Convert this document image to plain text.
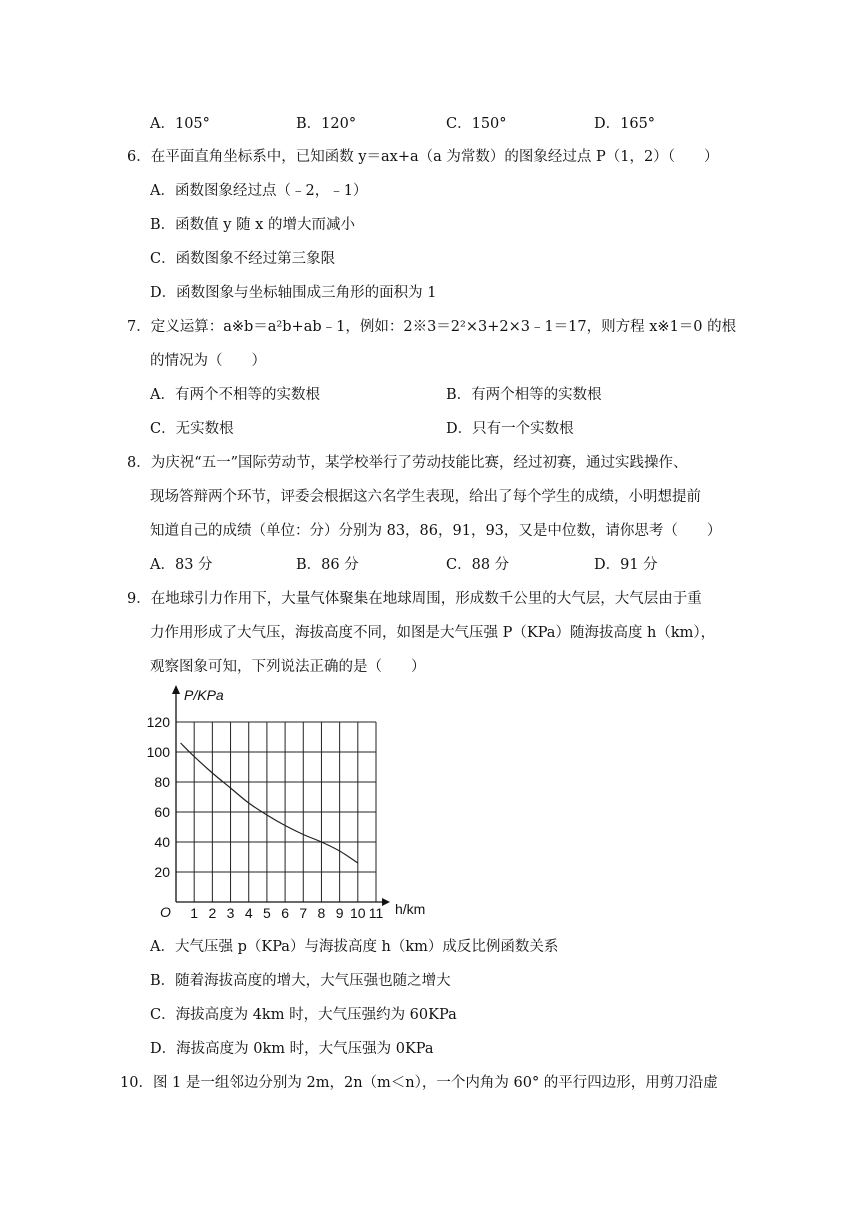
A．105°	B．120°	C．150°	D．165°
6．在平面直角坐标系中，已知函数 y＝ax+a（a 为常数）的图象经过点 P（1，2）（　　）
A．函数图象经过点（﹣2，﹣1）
B．函数值 y 随 x 的增大而减小
C．函数图象不经过第三象限
D．函数图象与坐标轴围成三角形的面积为 1
7．定义运算：a※b＝a²b+ab﹣1，例如：2※3＝2²×3+2×3﹣1＝17，则方程 x※1＝0 的根
的情况为（　　）
A．有两个不相等的实数根	B．有两个相等的实数根
C．无实数根	D．只有一个实数根
8．为庆祝“五一”国际劳动节，某学校举行了劳动技能比赛，经过初赛，通过实践操作、
现场答辩两个环节，评委会根据这六名学生表现，给出了每个学生的成绩，小明想提前
知道自己的成绩（单位：分）分别为 83，86，91，93，又是中位数，请你思考（　　）
A．83 分	B．86 分	C．88 分	D．91 分
9．在地球引力作用下，大量气体聚集在地球周围，形成数千公里的大气层，大气层由于重
力作用形成了大气压，海拔高度不同，如图是大气压强 P（KPa）随海拔高度 h（km），
观察图象可知，下列说法正确的是（　　）
1 2 3 4 5 6 7 8 9 10 11
20
40
60
80
100
120
P/KPa
h/km
O
A．大气压强 p（KPa）与海拔高度 h（km）成反比例函数关系
B．随着海拔高度的增大，大气压强也随之增大
C．海拔高度为 4km 时，大气压强约为 60KPa
D．海拔高度为 0km 时，大气压强为 0KPa
10．图 1 是一组邻边分别为 2m，2n（m＜n），一个内角为 60° 的平行四边形，用剪刀沿虚
